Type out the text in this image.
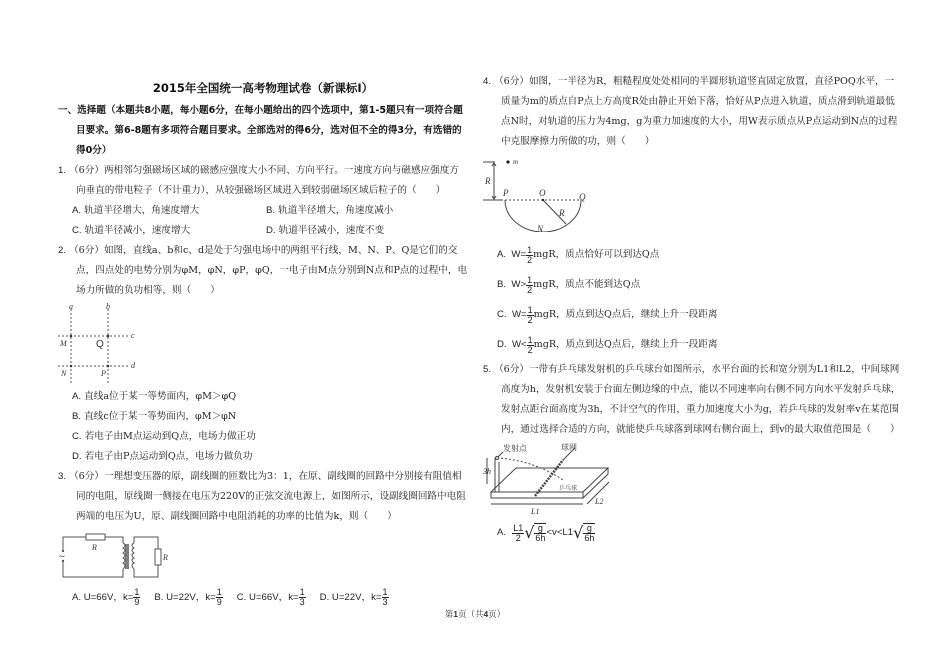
2015年全国统一高考物理试卷（新课标Ⅰ）
一、选择题（本题共8小题，每小题6分，在每小题给出的四个选项中，第1-5题只有一项符合题目要求。第6-8题有多项符合题目要求。全部选对的得6分，选对但不全的得3分，有选错的得0分）
1. （6分）两相邻匀强磁场区域的磁感应强度大小不同、方向平行。一速度方向与磁感应强度方向垂直的带电粒子（不计重力），从较强磁场区域进入到较弱磁场区域后粒子的（　　）
A. 轨道半径增大，角速度增大	B. 轨道半径增大，角速度减小
C. 轨道半径减小，速度增大	D. 轨道半径减小，速度不变
2. （6分）如图，直线a、b和c、d是处于匀强电场中的两组平行线，M、N、P、Q是它们的交点，四点处的电势分别为φM，φN，φP，φQ，一电子由M点分别到N点和P点的过程中，电场力所做的负功相等，则（　　）
a	b
c
d
M
N	P
Q
A. 直线a位于某一等势面内，φM＞φQ
B. 直线c位于某一等势面内，φM＞φN
C. 若电子由M点运动到Q点，电场力做正功
D. 若电子由P点运动到Q点，电场力做负功
3. （6分）一理想变压器的原，副线圈的匝数比为3：1，在原、副线圈的回路中分别接有阻值相同的电阻，原线圈一侧接在电压为220V的正弦交流电源上，如图所示，设副线圈回路中电阻两端的电压为U，原、副线圈回路中电阻消耗的功率的比值为k，则（　　）
~
R
R
A. U=66V，$k= \frac{1}{9} B$. U=22V，$k= \frac{1}{9} C$. U=66V，$k= \frac{1}{3} D$. U=22V，$k= \frac{1}{3}$
4. （6分）如图，一半径为R，粗糙程度处处相同的半圆形轨道竖直固定放置，直径POQ水平，一质量为m的质点自P点上方高度R处由静止开始下落，恰好从P点进入轨道，质点滑到轨道最低点N时，对轨道的压力为4mg，g为重力加速度的大小，用W表示质点从P点运动到N点的过程中克服摩擦力所做的功，则（　　）
m
R
P	O	Q
R
N
A.
$W= \frac{1}{2}$ mgR，质点恰好可以到达Q点
B.
$W> \frac{1}{2}$ mgR，质点不能到达Q点
C.
$W= \frac{1}{2}$ mgR，质点到达Q点后，继续上升一段距离
D.
$W< \frac{1}{2}$ mgR，质点到达Q点后，继续上升一段距离
5. （6分）一带有乒乓球发射机的乒乓球台如图所示，水平台面的长和宽分别为L1和L2，中间球网高度为h，发射机安装于台面左侧边缘的中点，能以不同速率向右侧不同方向水平发射乒乓球，发射点距台面高度为3h，不计空气的作用，重力加速度大小为g，若乒乓球的发射率v在某范围内，通过选择合适的方向，就能使乒乓球落到球网右侧台面上，到v的最大取值范围是（　　）
发射点	球网
乒乓球
3h
L1
L2
A.
$\frac{L1}{2}$ √ $\frac{g}{6h} <v<L1$ √ $\frac{g}{6h}$
第1页（共4页）
